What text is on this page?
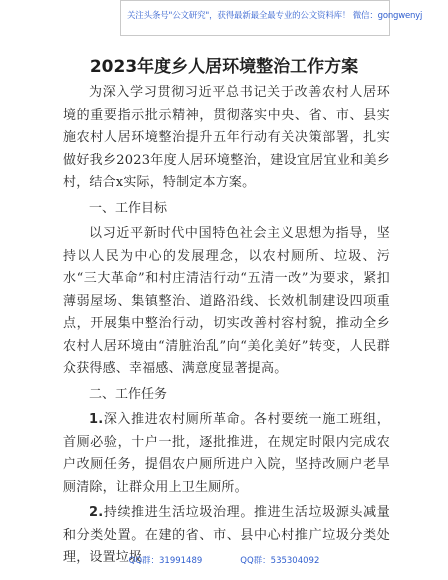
关注头条号"公文研究"，获得最新最全最专业的公文资料库！ 微信：gongwenyj
2023年度乡人居环境整治工作方案

为深入学习贯彻习近平总书记关于改善农村人居环境的重要指示批示精神，贯彻落实中央、省、市、县实施农村人居环境整治提升五年行动有关决策部署，扎实做好我乡2023年度人居环境整治，建设宜居宜业和美乡村，结合x实际，特制定本方案。

一、工作目标

以习近平新时代中国特色社会主义思想为指导，坚持以人民为中心的发展理念，以农村厕所、垃圾、污水“三大革命”和村庄清洁行动“五清一改”为要求，紧扣薄弱屋场、集镇整治、道路沿线、长效机制建设四项重点，开展集中整治行动，切实改善村容村貌，推动全乡农村人居环境由“清脏治乱”向“美化美好”转变，人民群众获得感、幸福感、满意度显著提高。

二、工作任务

1.深入推进农村厕所革命。各村要统一施工班组，首厕必验，十户一批，逐批推进，在规定时限内完成农户改厕任务，提倡农户厕所进户入院，坚持改厕户老旱厕清除，让群众用上卫生厕所。

2.持续推进生活垃圾治理。推进生活垃圾源头减量和分类处置。在建的省、市、县中心村推广垃圾分类处理，设置垃圾

QQ群：31991489	QQ群：535304092
